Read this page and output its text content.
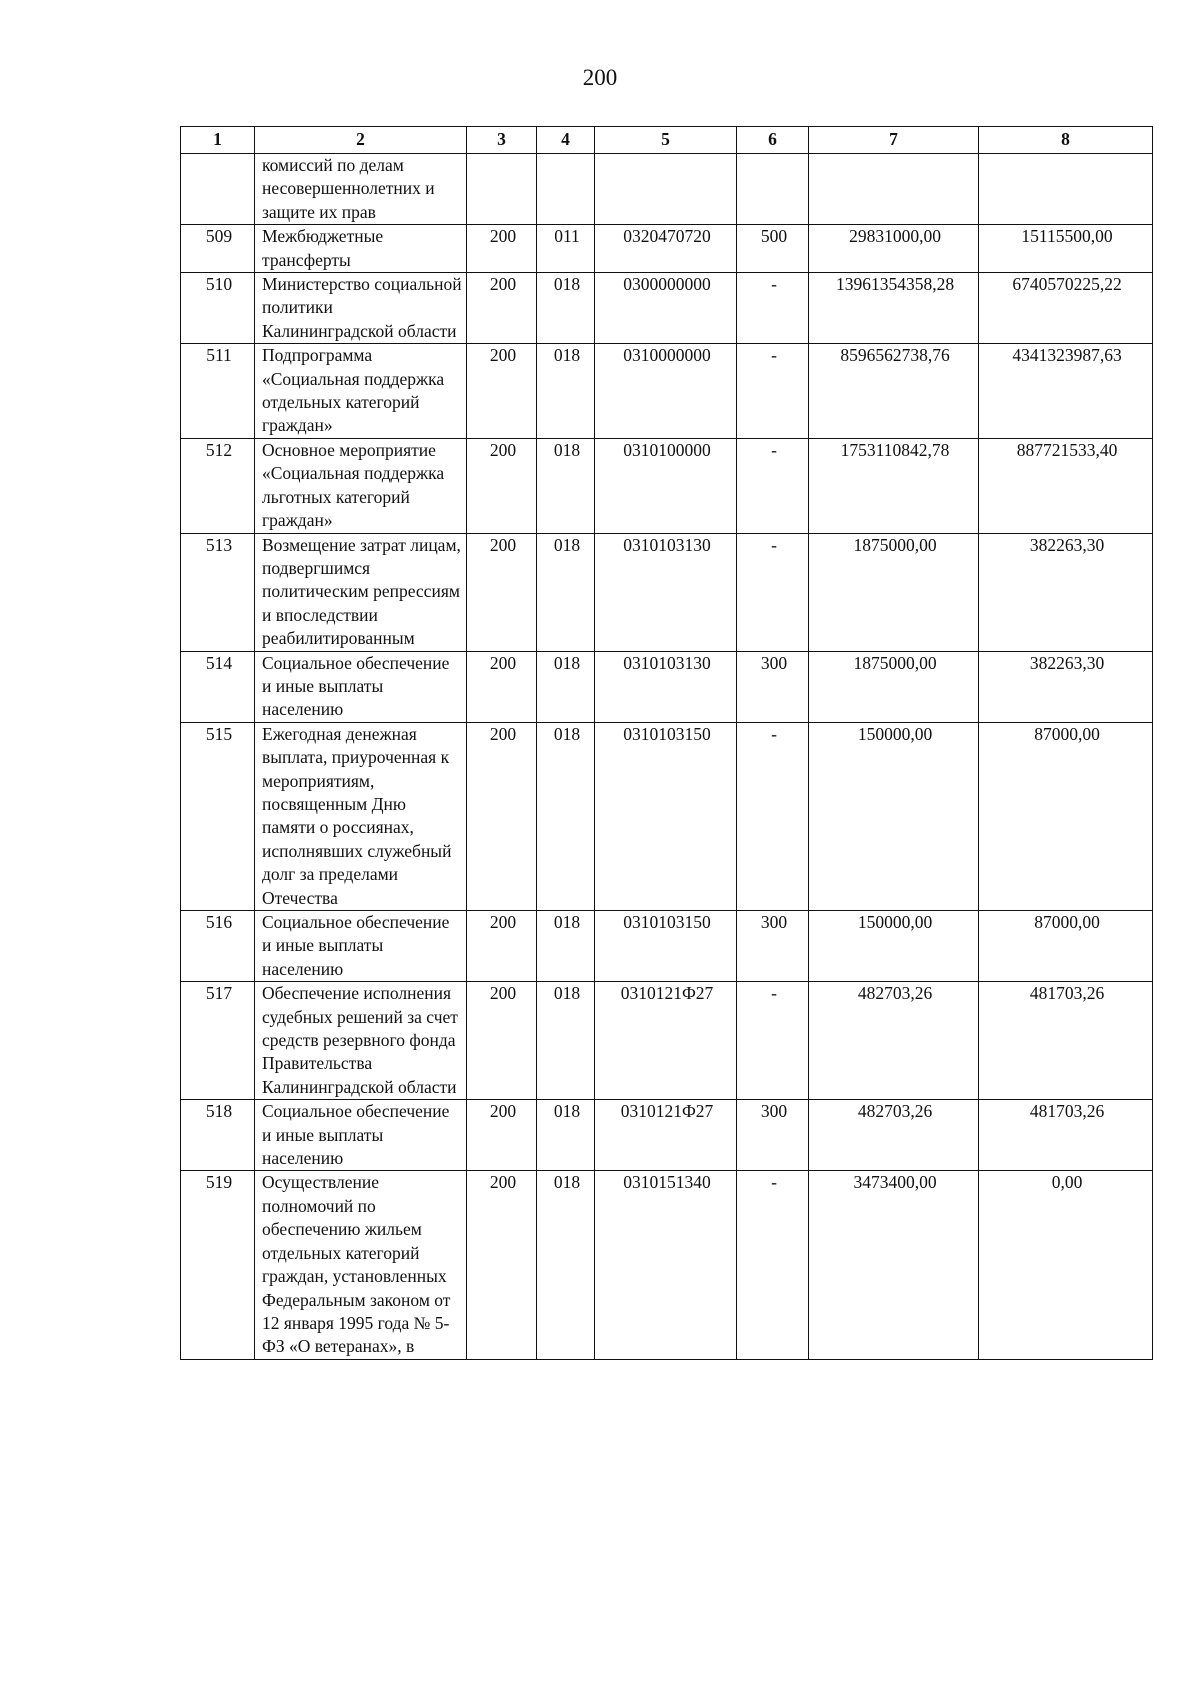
200
1	2	3	4	5	6	7	8
	комиссий по делам несовершеннолетних и защите их прав						
509	Межбюджетные трансферты	200	011	0320470720	500	29831000,00	15115500,00
510	Министерство социальной политики Калининградской области	200	018	0300000000	-	13961354358,28	6740570225,22
511	Подпрограмма «Социальная поддержка отдельных категорий граждан»	200	018	0310000000	-	8596562738,76	4341323987,63
512	Основное мероприятие «Социальная поддержка льготных категорий граждан»	200	018	0310100000	-	1753110842,78	887721533,40
513	Возмещение затрат лицам, подвергшимся политическим репрессиям и впоследствии реабилитированным	200	018	0310103130	-	1875000,00	382263,30
514	Социальное обеспечение и иные выплаты населению	200	018	0310103130	300	1875000,00	382263,30
515	Ежегодная денежная выплата, приуроченная к мероприятиям, посвященным Дню памяти о россиянах, исполнявших служебный долг за пределами Отечества	200	018	0310103150	-	150000,00	87000,00
516	Социальное обеспечение и иные выплаты населению	200	018	0310103150	300	150000,00	87000,00
517	Обеспечение исполнения судебных решений за счет средств резервного фонда Правительства Калининградской области	200	018	0310121Ф27	-	482703,26	481703,26
518	Социальное обеспечение и иные выплаты населению	200	018	0310121Ф27	300	482703,26	481703,26
519	Осуществление полномочий по обеспечению жильем отдельных категорий граждан, установленных Федеральным законом от 12 января 1995 года № 5-ФЗ «О ветеранах», в	200	018	0310151340	-	3473400,00	0,00
